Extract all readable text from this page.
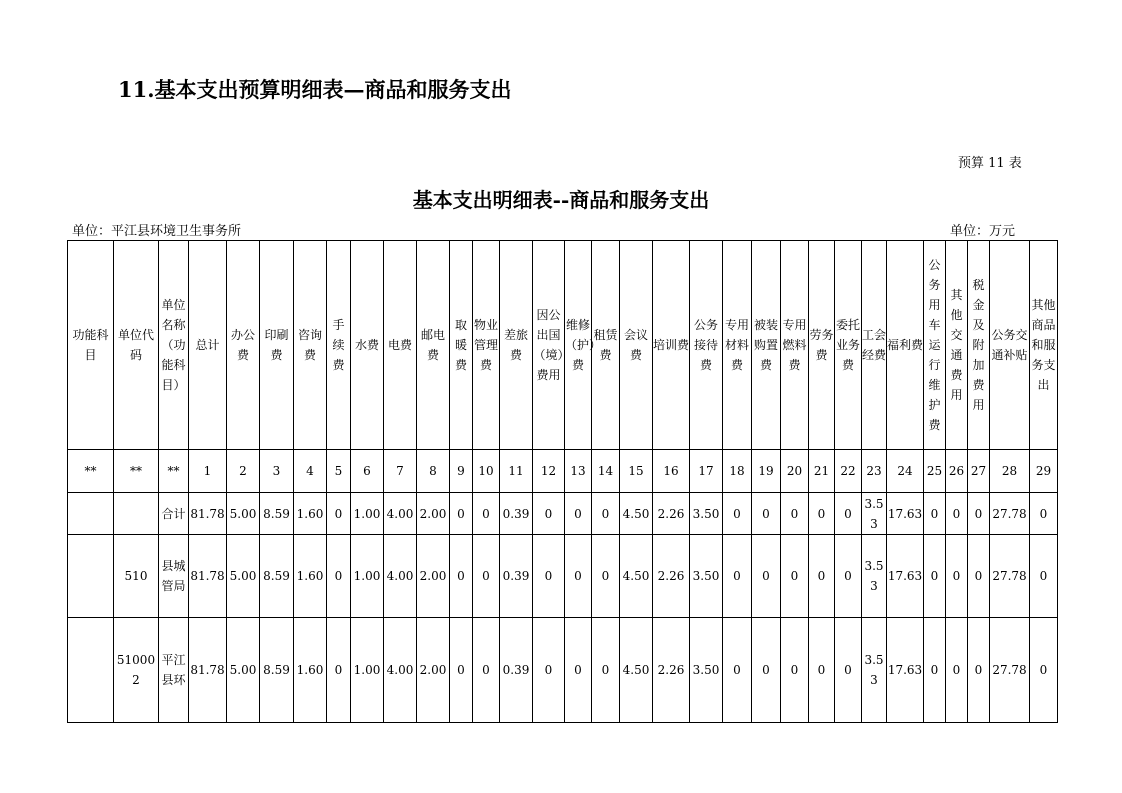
11.基本支出预算明细表—商品和服务支出
预算 11 表
基本支出明细表--商品和服务支出
单位：平江县环境卫生事务所	单位：万元
功能科目	单位代码	单位名称（功能科目）	总计	办公费	印刷费	咨询费	手续费	水费	电费	邮电费	取暖费	物业管理费	差旅费	因公出国（境）费用	维修（护）费	租赁费	会议费	培训费	公务接待费	专用材料费	被装购置费	专用燃料费	劳务费	委托业务费	工会经费	福利费	公务用车运行维护费	其他交通费用	税金及附加费用	公务交通补贴	其他商品和服务支出
**	**	**	1	2	3	4	5	6	7	8	9	10	11	12	13	14	15	16	17	18	19	20	21	22	23	24	25	26	27	28	29
		合计	81.78	5.00	8.59	1.60	0	1.00	4.00	2.00	0	0	0.39	0	0	0	4.50	2.26	3.50	0	0	0	0	0	3.53	17.63	0	0	0	27.78	0
	510	县城管局	81.78	5.00	8.59	1.60	0	1.00	4.00	2.00	0	0	0.39	0	0	0	4.50	2.26	3.50	0	0	0	0	0	3.53	17.63	0	0	0	27.78	0
	510002	平江县环	81.78	5.00	8.59	1.60	0	1.00	4.00	2.00	0	0	0.39	0	0	0	4.50	2.26	3.50	0	0	0	0	0	3.53	17.63	0	0	0	27.78	0
